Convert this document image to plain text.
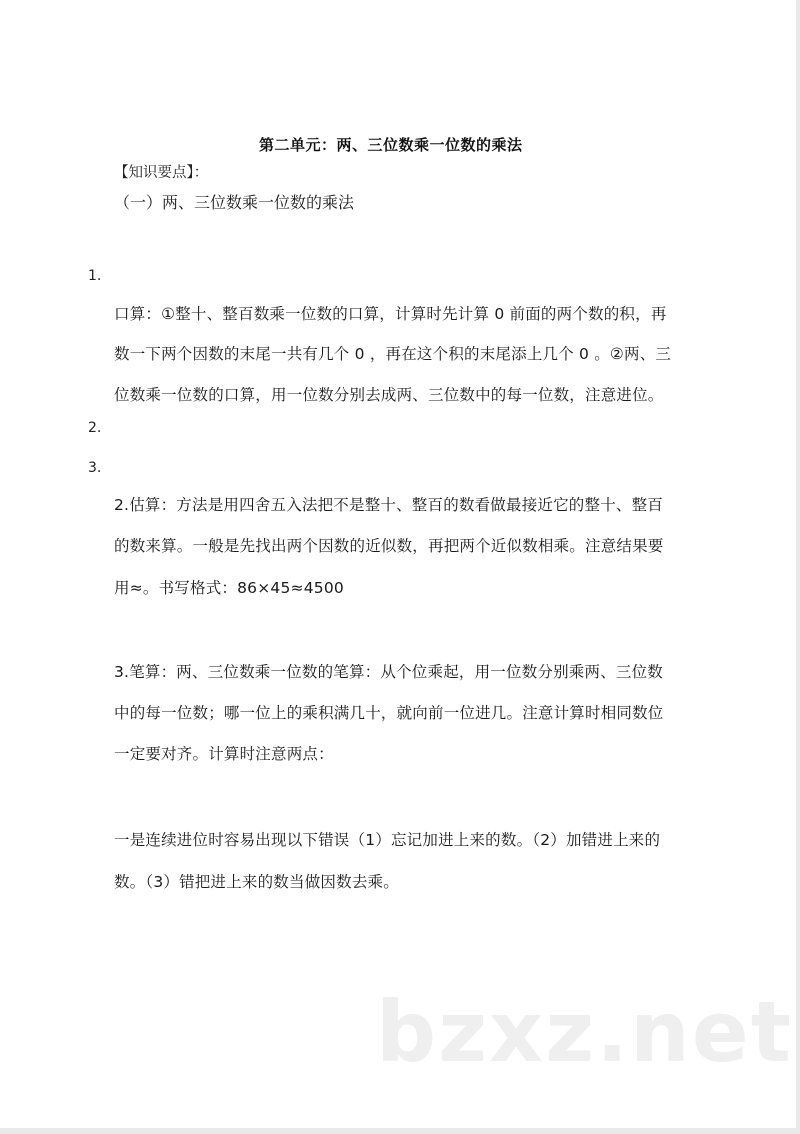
第二单元：两、三位数乘一位数的乘法
【知识要点】：
（一）两、三位数乘一位数的乘法
1.
口算：①整十、整百数乘一位数的口算，计算时先计算 0 前面的两个数的积，再
数一下两个因数的末尾一共有几个 0 ，再在这个积的末尾添上几个 0 。②两、三
位数乘一位数的口算，用一位数分别去成两、三位数中的每一位数，注意进位。
2.
3.
2.估算：方法是用四舍五入法把不是整十、整百的数看做最接近它的整十、整百
的数来算。一般是先找出两个因数的近似数，再把两个近似数相乘。注意结果要
用≈。书写格式：86×45≈4500
3.笔算：两、三位数乘一位数的笔算：从个位乘起，用一位数分别乘两、三位数
中的每一位数；哪一位上的乘积满几十，就向前一位进几。注意计算时相同数位
一定要对齐。计算时注意两点：
一是连续进位时容易出现以下错误（1）忘记加进上来的数。（2）加错进上来的
数。（3）错把进上来的数当做因数去乘。
bzxz.net
